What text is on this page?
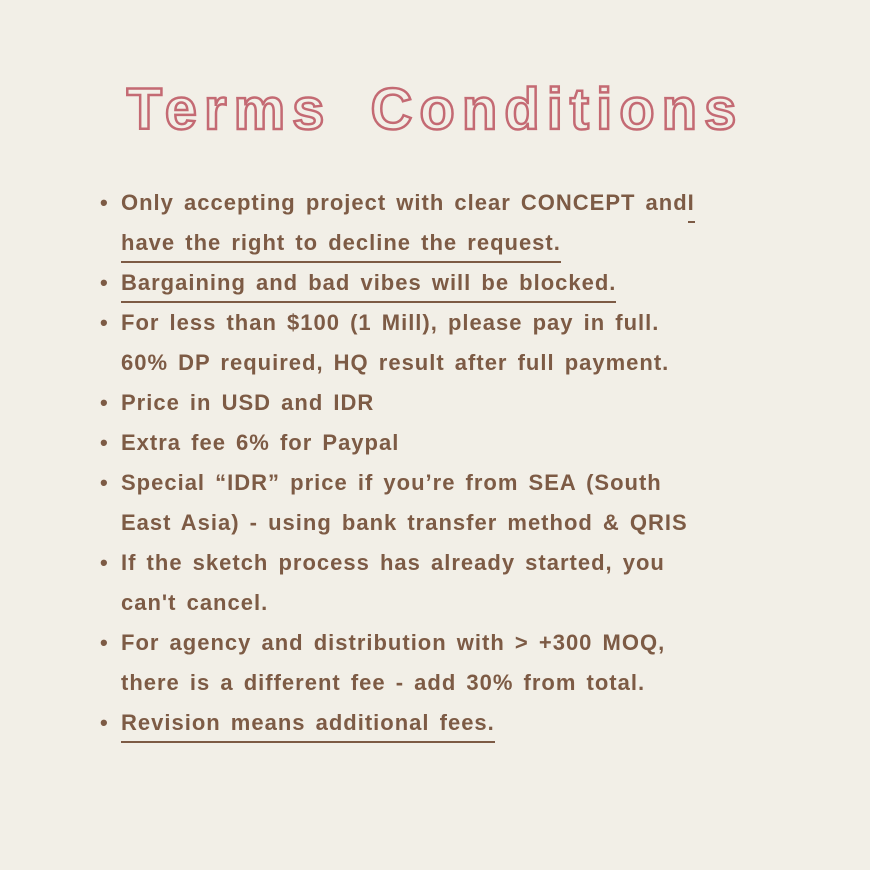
Terms Conditions
• Only accepting project with clear CONCEPT andI
have the right to decline the request.
• Bargaining and bad vibes will be blocked.
• For less than $100 (1 Mill), please pay in full.
60% DP required, HQ result after full payment.
• Price in USD and IDR
• Extra fee 6% for Paypal
• Special “IDR” price if you’re from SEA (South
East Asia) - using bank transfer method & QRIS
• If the sketch process has already started, you
can't cancel.
• For agency and distribution with > +300 MOQ,
there is a different fee - add 30% from total.
• Revision means additional fees.
